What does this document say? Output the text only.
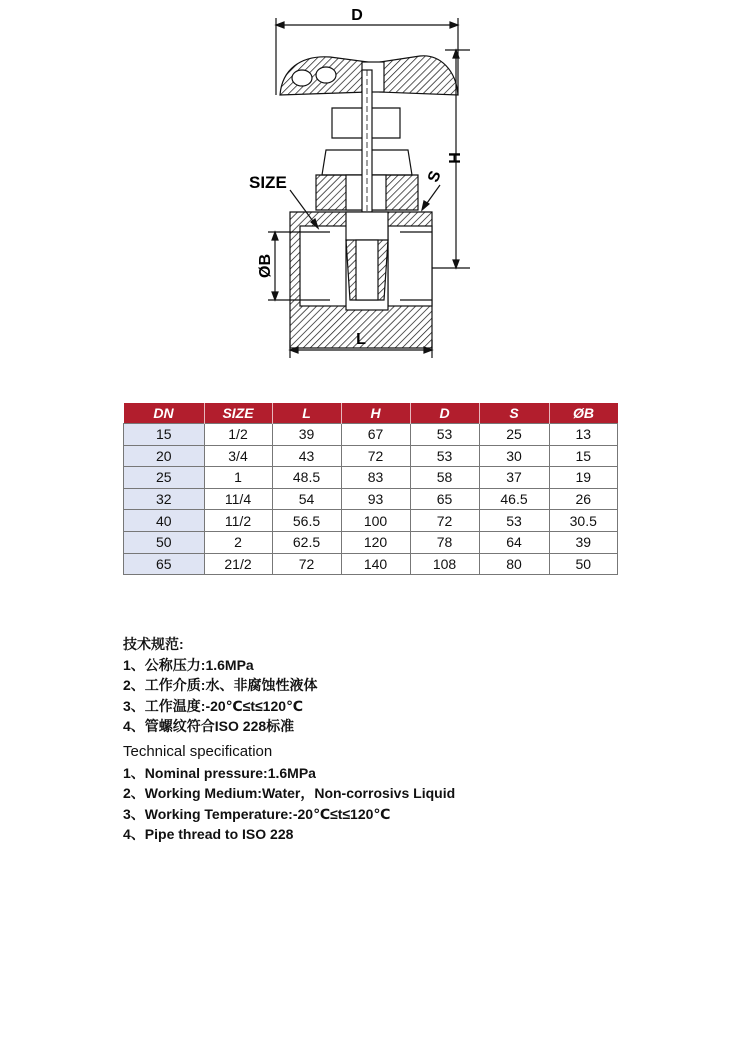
D
H
SIZE	S
ØB
L
DN	SIZE	L	H	D	S	ØB
15	1/2	39	67	53	25	13
20	3/4	43	72	53	30	15
25	1	48.5	83	58	37	19
32	11/4	54	93	65	46.5	26
40	11/2	56.5	100	72	53	30.5
50	2	62.5	120	78	64	39
65	21/2	72	140	108	80	50
技术规范:
1、公称压力:1.6MPa
2、工作介质:水、非腐蚀性液体
3、工作温度:-20℃≤t≤120℃
4、管螺纹符合ISO 228标准
Technical specification
1、Nominal pressure:1.6MPa
2、Working Medium:Water，Non-corrosivs Liquid
3、Working Temperature:-20℃≤t≤120℃
4、Pipe thread to ISO 228
